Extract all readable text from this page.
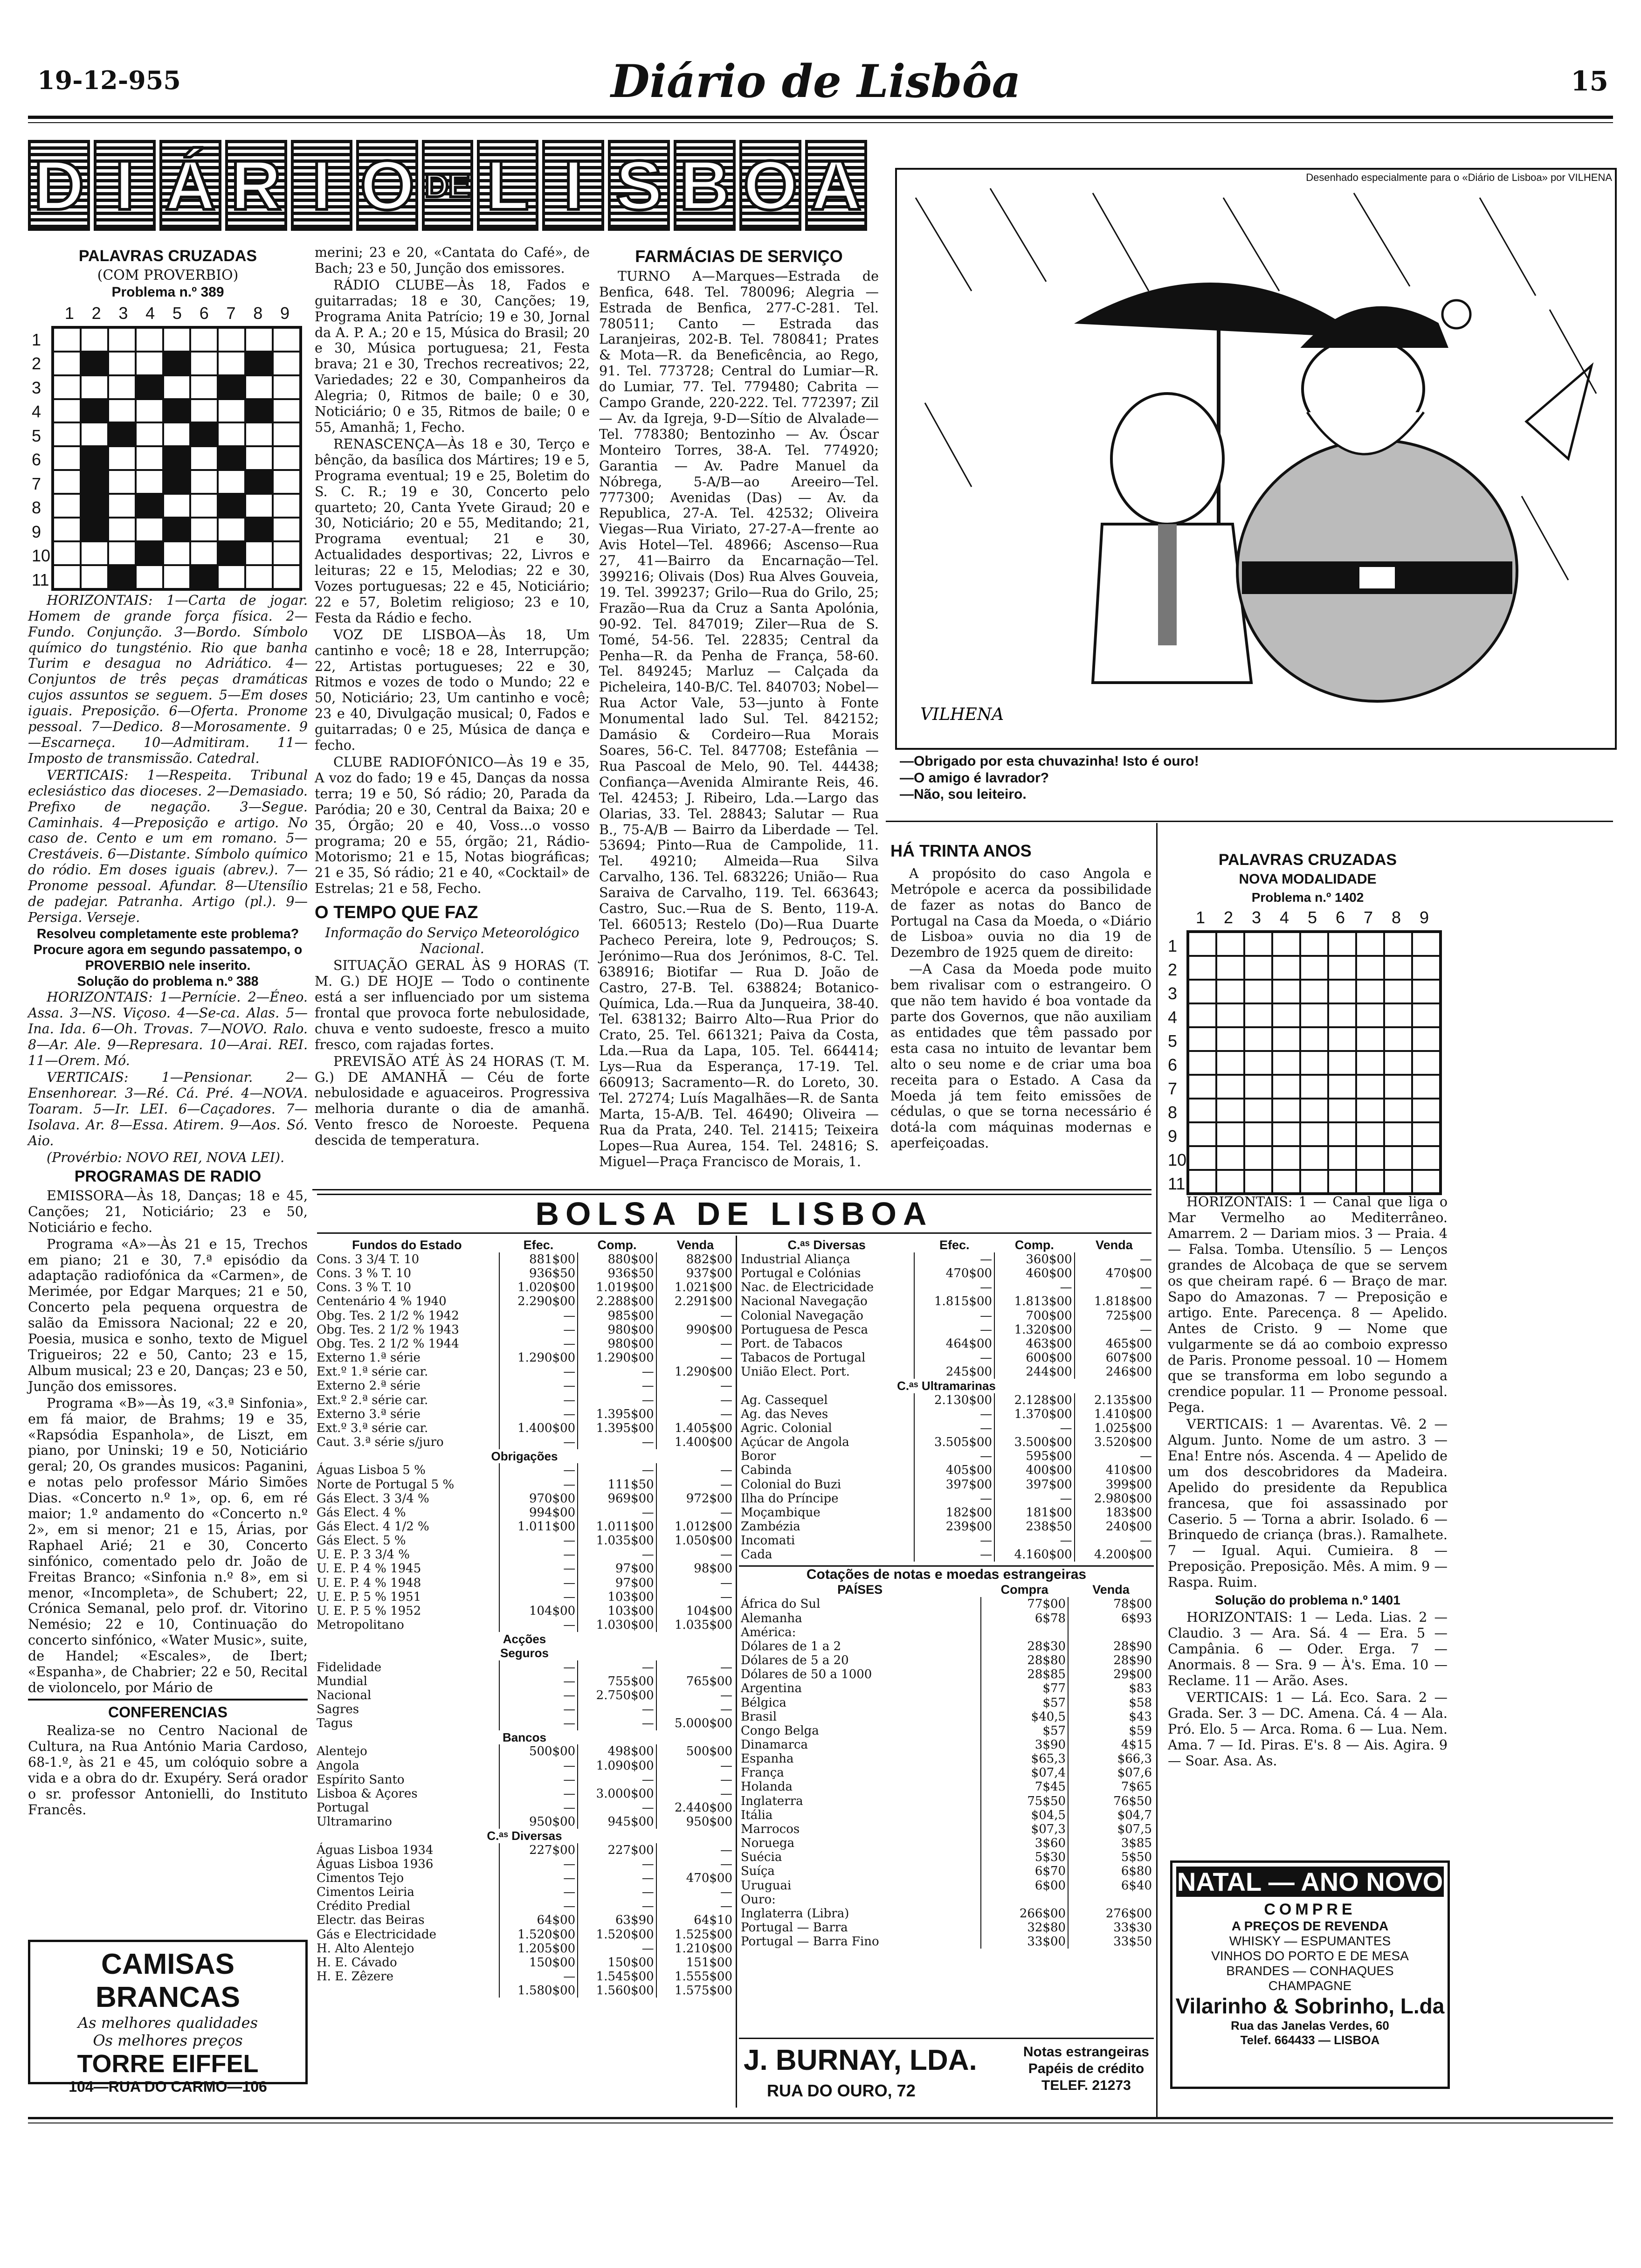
19-12-955	Diário de Lisbôa	15
D I Á R I O DE L I S B O A
PALAVRAS CRUZADAS
(COM PROVERBIO)
Problema n.º 389
1 2 3 4 5 6 7 8 9
1
2
3
4
5
6
7
8
9
10
11

HORIZONTAIS: 1—Carta de jogar. Homem de grande força física. 2—Fundo. Conjunção. 3—Bordo. Símbolo químico do tungsténio. Rio que banha Turim e desagua no Adriático. 4—Conjuntos de três peças dramáticas cujos assuntos se seguem. 5—Em doses iguais. Preposição. 6—Oferta. Pronome pessoal. 7—Dedico. 8—Morosamente. 9—Escarneça. 10—Admitiram. 11—Imposto de transmissão. Catedral.

VERTICAIS: 1—Respeita. Tribunal eclesiástico das dioceses. 2—Demasiado. Prefixo de negação. 3—Segue. Caminhais. 4—Preposição e artigo. No caso de. Cento e um em romano. 5—Crestáveis. 6—Distante. Símbolo químico do ródio. Em doses iguais (abrev.). 7—Pronome pessoal. Afundar. 8—Utensílio de padejar. Patranha. Artigo (pl.). 9—Persiga. Verseje.

Resolveu completamente este problema?
Procure agora em segundo passatempo, o PROVERBIO nele inserito.
Solução do problema n.º 388

HORIZONTAIS: 1—Pernície. 2—Éneo. Assa. 3—NS. Viçoso. 4—Se-ca. Alas. 5—Ina. Ida. 6—Oh. Trovas. 7—NOVO. Ralo. 8—Ar. Ale. 9—Represara. 10—Arai. REI. 11—Orem. Mó.

VERTICAIS: 1—Pensionar. 2—Ensenhorear. 3—Ré. Cá. Pré. 4—NOVA. Toaram. 5—Ir. LEI. 6—Caçadores. 7—Isolava. Ar. 8—Essa. Atirem. 9—Aos. Só. Aio.

(Provérbio: NOVO REI, NOVA LEI).

PROGRAMAS DE RADIO

EMISSORA—Às 18, Danças; 18 e 45, Canções; 21, Noticiário; 23 e 50, Noticiário e fecho.

Programa «A»—Às 21 e 15, Trechos em piano; 21 e 30, 7.ª episódio da adaptação radiofónica da «Carmen», de Merimée, por Edgar Marques; 21 e 50, Concerto pela pequena orquestra de salão da Emissora Nacional; 22 e 20, Poesia, musica e sonho, texto de Miguel Trigueiros; 22 e 50, Canto; 23 e 15, Album musical; 23 e 20, Danças; 23 e 50, Junção dos emissores.

Programa «B»—Às 19, «3.ª Sinfonia», em fá maior, de Brahms; 19 e 35, «Rapsódia Espanhola», de Liszt, em piano, por Uninski; 19 e 50, Noticiário geral; 20, Os grandes musicos: Paganini, e notas pelo professor Mário Simões Dias. «Concerto n.º 1», op. 6, em ré maior; 1.º andamento do «Concerto n.º 2», em si menor; 21 e 15, Árias, por Raphael Arié; 21 e 30, Concerto sinfónico, comentado pelo dr. João de Freitas Branco; «Sinfonia n.º 8», em si menor, «Incompleta», de Schubert; 22, Crónica Semanal, pelo prof. dr. Vitorino Nemésio; 22 e 10, Continuação do concerto sinfónico, «Water Music», suite, de Handel; «Escales», de Ibert; «Espanha», de Chabrier; 22 e 50, Recital de violoncelo, por Mário de

CONFERENCIAS

Realiza-se no Centro Nacional de Cultura, na Rua António Maria Cardoso, 68-1.º, às 21 e 45, um colóquio sobre a vida e a obra do dr. Exupéry. Será orador o sr. professor Antonielli, do Instituto Francês.

CAMISAS BRANCAS
As melhores qualidades
Os melhores preços
TORRE EIFFEL
104—RUA DO CARMO—106

merini; 23 e 20, «Cantata do Café», de Bach; 23 e 50, Junção dos emissores.

RÁDIO CLUBE—Às 18, Fados e guitarradas; 18 e 30, Canções; 19, Programa Anita Patrício; 19 e 30, Jornal da A. P. A.; 20 e 15, Música do Brasil; 20 e 30, Música portuguesa; 21, Festa brava; 21 e 30, Trechos recreativos; 22, Variedades; 22 e 30, Companheiros da Alegria; 0, Ritmos de baile; 0 e 30, Noticiário; 0 e 35, Ritmos de baile; 0 e 55, Amanhã; 1, Fecho.

RENASCENÇA—Às 18 e 30, Terço e bênção, da basílica dos Mártires; 19 e 5, Programa eventual; 19 e 25, Boletim do S. C. R.; 19 e 30, Concerto pelo quarteto; 20, Canta Yvete Giraud; 20 e 30, Noticiário; 20 e 55, Meditando; 21, Programa eventual; 21 e 30, Actualidades desportivas; 22, Livros e leituras; 22 e 15, Melodias; 22 e 30, Vozes portuguesas; 22 e 45, Noticiário; 22 e 57, Boletim religioso; 23 e 10, Festa da Rádio e fecho.

VOZ DE LISBOA—Às 18, Um cantinho e você; 18 e 28, Interrupção; 22, Artistas portugueses; 22 e 30, Ritmos e vozes de todo o Mundo; 22 e 50, Noticiário; 23, Um cantinho e você; 23 e 40, Divulgação musical; 0, Fados e guitarradas; 0 e 25, Música de dança e fecho.

CLUBE RADIOFÓNICO—Às 19 e 35, A voz do fado; 19 e 45, Danças da nossa terra; 19 e 50, Só rádio; 20, Parada da Paródia; 20 e 30, Central da Baixa; 20 e 35, Órgão; 20 e 40, Voss...o vosso programa; 20 e 55, órgão; 21, Rádio-Motorismo; 21 e 15, Notas biográficas; 21 e 35, Só rádio; 21 e 40, «Cocktail» de Estrelas; 21 e 58, Fecho.

O TEMPO QUE FAZ

Informação do Serviço Meteorológico Nacional.

SITUAÇÃO GERAL ÀS 9 HORAS (T. M. G.) DE HOJE — Todo o continente está a ser influenciado por um sistema frontal que provoca forte nebulosidade, chuva e vento sudoeste, fresco a muito fresco, com rajadas fortes.

PREVISÃO ATÉ ÀS 24 HORAS (T. M. G.) DE AMANHÃ — Céu de forte nebulosidade e aguaceiros. Progressiva melhoria durante o dia de amanhã. Vento fresco de Noroeste. Pequena descida de temperatura.

FARMÁCIAS DE SERVIÇO

TURNO A—Marques—Estrada de Benfica, 648. Tel. 780096; Alegria — Estrada de Benfica, 277-C-281. Tel. 780511; Canto — Estrada das Laranjeiras, 202-B. Tel. 780841; Prates & Mota—R. da Beneficência, ao Rego, 91. Tel. 773728; Central do Lumiar—R. do Lumiar, 77. Tel. 779480; Cabrita — Campo Grande, 220-222. Tel. 772397; Zil — Av. da Igreja, 9-D—Sítio de Alvalade—Tel. 778380; Bentozinho — Av. Óscar Monteiro Torres, 38-A. Tel. 774920; Garantia — Av. Padre Manuel da Nóbrega, 5-A/B—ao Areeiro—Tel. 777300; Avenidas (Das) — Av. da Republica, 27-A. Tel. 42532; Oliveira Viegas—Rua Viriato, 27-27-A—frente ao Avis Hotel—Tel. 48966; Ascenso—Rua 27, 41—Bairro da Encarnação—Tel. 399216; Olivais (Dos) Rua Alves Gouveia, 19. Tel. 399237; Grilo—Rua do Grilo, 25; Frazão—Rua da Cruz a Santa Apolónia, 90-92. Tel. 847019; Ziler—Rua de S. Tomé, 54-56. Tel. 22835; Central da Penha—R. da Penha de França, 58-60. Tel. 849245; Marluz — Calçada da Picheleira, 140-B/C. Tel. 840703; Nobel—Rua Actor Vale, 53—junto à Fonte Monumental lado Sul. Tel. 842152; Damásio & Cordeiro—Rua Morais Soares, 56-C. Tel. 847708; Estefânia — Rua Pascoal de Melo, 90. Tel. 44438; Confiança—Avenida Almirante Reis, 46. Tel. 42453; J. Ribeiro, Lda.—Largo das Olarias, 33. Tel. 28843; Salutar — Rua B., 75-A/B — Bairro da Liberdade — Tel. 53694; Pinto—Rua de Campolide, 11. Tel. 49210; Almeida—Rua Silva Carvalho, 136. Tel. 683226; União— Rua Saraiva de Carvalho, 119. Tel. 663643; Castro, Suc.—Rua de S. Bento, 119-A. Tel. 660513; Restelo (Do)—Rua Duarte Pacheco Pereira, lote 9, Pedrouços; S. Jerónimo—Rua dos Jerónimos, 8-C. Tel. 638916; Biotifar — Rua D. João de Castro, 27-B. Tel. 638824; Botanico-Química, Lda.—Rua da Junqueira, 38-40. Tel. 638132; Bairro Alto—Rua Prior do Crato, 25. Tel. 661321; Paiva da Costa, Lda.—Rua da Lapa, 105. Tel. 664414; Lys—Rua da Esperança, 17-19. Tel. 660913; Sacramento—R. do Loreto, 30. Tel. 27274; Luís Magalhães—R. de Santa Marta, 15-A/B. Tel. 46490; Oliveira — Rua da Prata, 240. Tel. 21415; Teixeira Lopes—Rua Aurea, 154. Tel. 24816; S. Miguel—Praça Francisco de Morais, 1.

Desenhado especialmente para o «Diário de Lisboa» por VILHENA
VILHENA
—Obrigado por esta chuvazinha! Isto é ouro!
—O amigo é lavrador?
—Não, sou leiteiro.
HÁ TRINTA ANOS

A propósito do caso Angola e Metrópole e acerca da possibilidade de fazer as notas do Banco de Portugal na Casa da Moeda, o «Diário de Lisboa» ouvia no dia 19 de Dezembro de 1925 quem de direito:

—A Casa da Moeda pode muito bem rivalisar com o estrangeiro. O que não tem havido é boa vontade da parte dos Governos, que não auxiliam as entidades que têm passado por esta casa no intuito de levantar bem alto o seu nome e de criar uma boa receita para o Estado. A Casa da Moeda já tem feito emissões de cédulas, o que se torna necessário é dotá-la com máquinas modernas e aperfeiçoadas.

PALAVRAS CRUZADAS
NOVA MODALIDADE
Problema n.º 1402
1 2 3 4 5 6 7 8 9
1
2
3
4
5
6
7
8
9
10
11

HORIZONTAIS: 1 — Canal que liga o Mar Vermelho ao Mediterrâneo. Amarrem. 2 — Dariam mios. 3 — Praia. 4 — Falsa. Tomba. Utensílio. 5 — Lenços grandes de Alcobaça de que se servem os que cheiram rapé. 6 — Braço de mar. Sapo do Amazonas. 7 — Preposição e artigo. Ente. Parecença. 8 — Apelido. Antes de Cristo. 9 — Nome que vulgarmente se dá ao comboio expresso de Paris. Pronome pessoal. 10 — Homem que se transforma em lobo segundo a crendice popular. 11 — Pronome pessoal. Pega.

VERTICAIS: 1 — Avarentas. Vê. 2 — Algum. Junto. Nome de um astro. 3 — Ena! Entre nós. Ascenda. 4 — Apelido de um dos descobridores da Madeira. Apelido do presidente da Republica francesa, que foi assassinado por Caserio. 5 — Torna a abrir. Isolado. 6 — Brinquedo de criança (bras.). Ramalhete. 7 — Igual. Aqui. Cumieira. 8 — Preposição. Preposição. Mês. A mim. 9 — Raspa. Ruim.

Solução do problema n.º 1401

HORIZONTAIS: 1 — Leda. Lias. 2 — Claudio. 3 — Ara. Sá. 4 — Era. 5 — Campânia. 6 — Oder. Erga. 7 — Anormais. 8 — Sra. 9 — À's. Ema. 10 — Reclame. 11 — Arão. Ases.

VERTICAIS: 1 — Lá. Eco. Sara. 2 — Grada. Ser. 3 — DC. Amena. Cá. 4 — Ala. Pró. Elo. 5 — Arca. Roma. 6 — Lua. Nem. Ama. 7 — Id. Piras. E's. 8 — Ais. Agira. 9 — Soar. Asa. As.

NATAL — ANO NOVO
COMPRE
A PREÇOS DE REVENDA
WHISKY — ESPUMANTES
VINHOS DO PORTO E DE MESA
BRANDES — CONHAQUES
CHAMPAGNE
Vilarinho & Sobrinho, L.da
Rua das Janelas Verdes, 60
Telef. 664433 — LISBOA
BOLSA DE LISBOA
Fundos do Estado	Efec.	Comp.	Venda
Cons. 3 3/4 T. 10	881$00	880$00	882$00
Cons. 3 % T. 10	936$50	936$50	937$00
Cons. 3 % T. 10	1.020$00	1.019$00	1.021$00
Centenário 4 % 1940	2.290$00	2.288$00	2.291$00
Obg. Tes. 2 1/2 % 1942	—	985$00	—
Obg. Tes. 2 1/2 % 1943	—	980$00	990$00
Obg. Tes. 2 1/2 % 1944	—	980$00	—
Externo 1.ª série	1.290$00	1.290$00	—
Ext.º 1.ª série car.	—	—	1.290$00
Externo 2.ª série	—	—	—
Ext.º 2.ª série car.	—	—	—
Externo 3.ª série	—	1.395$00	—
Ext.º 3.ª série car.	1.400$00	1.395$00	1.405$00
Caut. 3.ª série s/juro	—	—	1.400$00
Obrigações			
Águas Lisboa 5 %	—	—	—
Norte de Portugal 5 %	—	111$50	—
Gás Elect. 3 3/4 %	970$00	969$00	972$00
Gás Elect. 4 %	994$00	—	—
Gás Elect. 4 1/2 %	1.011$00	1.011$00	1.012$00
Gás Elect. 5 %	—	1.035$00	1.050$00
U. E. P. 3 3/4 %	—	—	—
U. E. P. 4 % 1945	—	97$00	98$00
U. E. P. 4 % 1948	—	97$00	—
U. E. P. 5 % 1951	—	103$00	—
U. E. P. 5 % 1952	104$00	103$00	104$00
Metropolitano	—	1.030$00	1.035$00
Acções			
Seguros			
Fidelidade	—	—	—
Mundial	—	755$00	765$00
Nacional	—	2.750$00	—
Sagres	—	—	—
Tagus	—	—	5.000$00
Bancos			
Alentejo	500$00	498$00	500$00
Angola	—	1.090$00	—
Espírito Santo	—	—	—
Lisboa & Açores	—	3.000$00	—
Portugal	—	—	2.440$00
Ultramarino	950$00	945$00	950$00
C.ᵃˢ Diversas			
Águas Lisboa 1934	227$00	227$00	—
Águas Lisboa 1936	—	—	—
Cimentos Tejo	—	—	470$00
Cimentos Leiria	—	—	—
Crédito Predial	—	—	—
Electr. das Beiras	64$00	63$90	64$10
Gás e Electricidade	1.520$00	1.520$00	1.525$00
H. Alto Alentejo	1.205$00	—	1.210$00
H. E. Cávado	150$00	150$00	151$00
H. E. Zêzere	—	1.545$00	1.555$00
	1.580$00	1.560$00	1.575$00
C.ᵃˢ Diversas	Efec.	Comp.	Venda
Industrial Aliança	—	360$00	—
Portugal e Colónias	470$00	460$00	470$00
Nac. de Electricidade	—	—	—
Nacional Navegação	1.815$00	1.813$00	1.818$00
Colonial Navegação	—	700$00	725$00
Portuguesa de Pesca	—	1.320$00	—
Port. de Tabacos	464$00	463$00	465$00
Tabacos de Portugal	—	600$00	607$00
União Elect. Port.	245$00	244$00	246$00
C.ᵃˢ Ultramarinas			
Ag. Cassequel	2.130$00	2.128$00	2.135$00
Ag. das Neves	—	1.370$00	1.410$00
Agric. Colonial	—	—	1.025$00
Açúcar de Angola	3.505$00	3.500$00	3.520$00
Boror	—	595$00	—
Cabinda	405$00	400$00	410$00
Colonial do Buzi	397$00	397$00	399$00
Ilha do Príncipe	—	—	2.980$00
Moçambique	182$00	181$00	183$00
Zambézia	239$00	238$50	240$00
Incomati	—	—	—
Cada	—	4.160$00	4.200$00
Cotações de notas e moedas estrangeiras
PAÍSES	Compra	Venda
África do Sul	77$00	78$00
Alemanha	6$78	6$93
América:		
Dólares de 1 a 2	28$30	28$90
Dólares de 5 a 20	28$80	28$90
Dólares de 50 a 1000	28$85	29$00
Argentina	$77	$83
Bélgica	$57	$58
Brasil	$40,5	$43
Congo Belga	$57	$59
Dinamarca	3$90	4$15
Espanha	$65,3	$66,3
França	$07,4	$07,6
Holanda	7$45	7$65
Inglaterra	75$50	76$50
Itália	$04,5	$04,7
Marrocos	$07,3	$07,5
Noruega	3$60	3$85
Suécia	5$30	5$50
Suíça	6$70	6$80
Uruguai	6$00	6$40
Ouro:		
Inglaterra (Libra)	266$00	276$00
Portugal — Barra	32$80	33$30
Portugal — Barra Fino	33$00	33$50
J. BURNAY, LDA.
RUA DO OURO, 72
Notas estrangeiras
Papéis de crédito
TELEF. 21273
